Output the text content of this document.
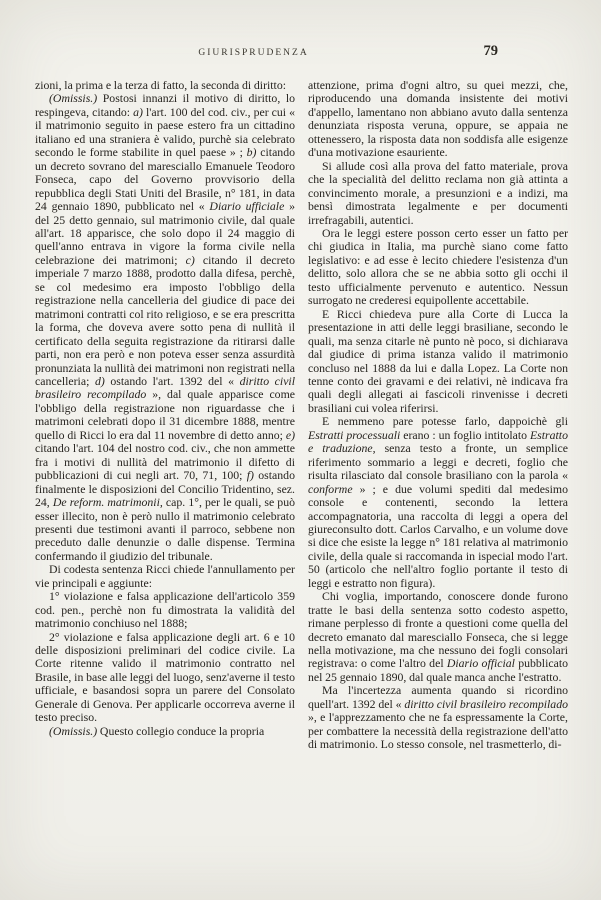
GIURISPRUDENZA	79

zioni, la prima e la terza di fatto, la seconda di diritto:

(Omissis.) Postosi innanzi il motivo di diritto, lo respingeva, citando: a) l'art. 100 del cod. civ., per cui « il matrimonio seguito in paese estero fra un cittadino italiano ed una straniera è valido, purchè sia celebrato secondo le forme stabilite in quel paese » ; b) citando un decreto sovrano del maresciallo Emanuele Teodoro Fonseca, capo del Governo provvisorio della repubblica degli Stati Uniti del Brasile, n° 181, in data 24 gennaio 1890, pubblicato nel « Diario ufficiale » del 25 detto gennaio, sul matrimonio civile, dal quale all'art. 18 apparisce, che solo dopo il 24 maggio di quell'anno entrava in vigore la forma civile nella celebrazione dei matrimoni; c) citando il decreto imperiale 7 marzo 1888, prodotto dalla difesa, perchè, se col medesimo era imposto l'obbligo della registrazione nella cancelleria del giudice di pace dei matrimoni contratti col rito religioso, e se era prescritta la forma, che doveva avere sotto pena di nullità il certificato della seguita registrazione da ritirarsi dalle parti, non era però e non poteva esser senza assurdità pronunziata la nullità dei matrimoni non registrati nella cancelleria; d) ostando l'art. 1392 del « diritto civil brasileiro recompilado », dal quale apparisce come l'obbligo della registrazione non riguardasse che i matrimoni celebrati dopo il 31 dicembre 1888, mentre quello di Ricci lo era dal 11 novembre di detto anno; e) citando l'art. 104 del nostro cod. civ., che non ammette fra i motivi di nullità del matrimonio il difetto di pubblicazioni di cui negli art. 70, 71, 100; f) ostando finalmente le disposizioni del Concilio Tridentino, sez. 24, De reform. matrimonii, cap. 1°, per le quali, se può esser illecito, non è però nullo il matrimonio celebrato presenti due testimoni avanti il parroco, sebbene non preceduto dalle denunzie o dalle dispense. Termina confermando il giudizio del tribunale.

Di codesta sentenza Ricci chiede l'annullamento per vie principali e aggiunte:

1° violazione e falsa applicazione dell'articolo 359 cod. pen., perchè non fu dimostrata la validità del matrimonio conchiuso nel 1888;

2° violazione e falsa applicazione degli art. 6 e 10 delle disposizioni preliminari del codice civile. La Corte ritenne valido il matrimonio contratto nel Brasile, in base alle leggi del luogo, senz'averne il testo ufficiale, e basandosi sopra un parere del Consolato Generale di Genova. Per applicarle occorreva averne il testo preciso.

(Omissis.) Questo collegio conduce la propria

attenzione, prima d'ogni altro, su quei mezzi, che, riproducendo una domanda insistente dei motivi d'appello, lamentano non abbiano avuto dalla sentenza denunziata risposta veruna, oppure, se appaia ne ottenessero, la risposta data non soddisfa alle esigenze d'una motivazione esauriente.

Si allude così alla prova del fatto materiale, prova che la specialità del delitto reclama non già attinta a convincimento morale, a presunzioni e a indizi, ma bensì dimostrata legalmente e per documenti irrefragabili, autentici.

Ora le leggi estere posson certo esser un fatto per chi giudica in Italia, ma purchè siano come fatto legislativo: e ad esse è lecito chiedere l'esistenza d'un delitto, solo allora che se ne abbia sotto gli occhi il testo ufficialmente pervenuto e autentico. Nessun surrogato ne crederesi equipollente accettabile.

E Ricci chiedeva pure alla Corte di Lucca la presentazione in atti delle leggi brasiliane, secondo le quali, ma senza citarle nè punto nè poco, si dichiarava dal giudice di prima istanza valido il matrimonio concluso nel 1888 da lui e dalla Lopez. La Corte non tenne conto dei gravami e dei relativi, nè indicava fra quali degli allegati ai fascicoli rinvenisse i decreti brasiliani cui volea riferirsi.

E nemmeno pare potesse farlo, dappoichè gli Estratti processuali erano : un foglio intitolato Estratto e traduzione, senza testo a fronte, un semplice riferimento sommario a leggi e decreti, foglio che risulta rilasciato dal console brasiliano con la parola « conforme » ; e due volumi spediti dal medesimo console e contenenti, secondo la lettera accompagnatoria, una raccolta di leggi a opera del giureconsulto dott. Carlos Carvalho, e un volume dove si dice che esiste la legge n° 181 relativa al matrimonio civile, della quale si raccomanda in ispecial modo l'art. 50 (articolo che nell'altro foglio portante il testo di leggi e estratto non figura).

Chi voglia, importando, conoscere donde furono tratte le basi della sentenza sotto codesto aspetto, rimane perplesso di fronte a questioni come quella del decreto emanato dal maresciallo Fonseca, che si legge nella motivazione, ma che nessuno dei fogli consolari registrava: o come l'altro del Diario official pubblicato nel 25 gennaio 1890, dal quale manca anche l'estratto.

Ma l'incertezza aumenta quando si ricordino quell'art. 1392 del « diritto civil brasileiro recompilado », e l'apprezzamento che ne fa espressamente la Corte, per combattere la necessità della registrazione dell'atto di matrimonio. Lo stesso console, nel trasmetterlo, di-
